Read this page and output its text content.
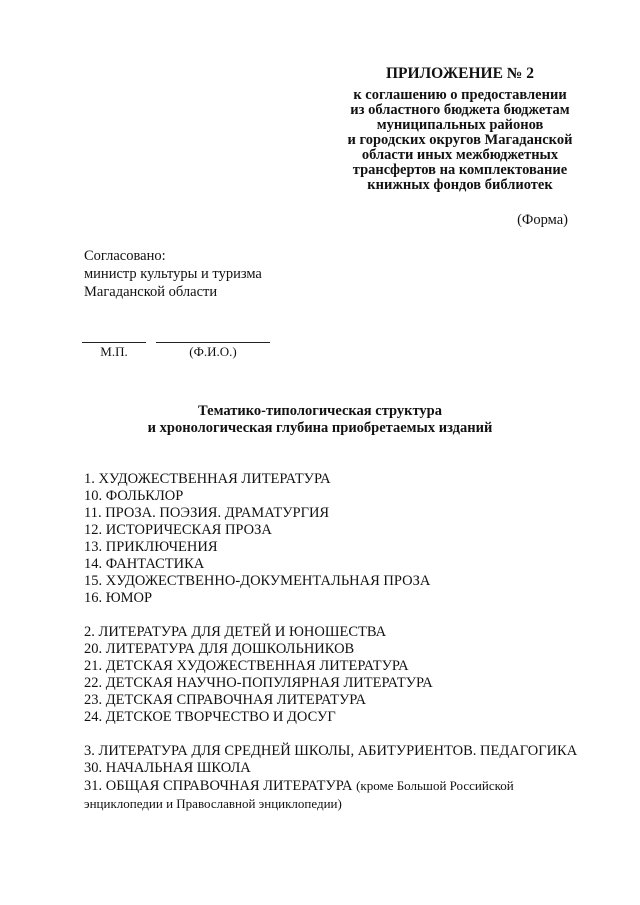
ПРИЛОЖЕНИЕ № 2
к соглашению о предоставлении
из областного бюджета бюджетам
муниципальных районов
и городских округов Магаданской
области иных межбюджетных
трансфертов на комплектование
книжных фондов библиотек
(Форма)
Согласовано:
министр культуры и туризма
Магаданской области
М.П.	(Ф.И.О.)
Тематико-типологическая структура
и хронологическая глубина приобретаемых изданий
1. ХУДОЖЕСТВЕННАЯ ЛИТЕРАТУРА
10. ФОЛЬКЛОР
11. ПРОЗА. ПОЭЗИЯ. ДРАМАТУРГИЯ
12. ИСТОРИЧЕСКАЯ ПРОЗА
13. ПРИКЛЮЧЕНИЯ
14. ФАНТАСТИКА
15. ХУДОЖЕСТВЕННО-ДОКУМЕНТАЛЬНАЯ ПРОЗА
16. ЮМОР
2. ЛИТЕРАТУРА ДЛЯ ДЕТЕЙ И ЮНОШЕСТВА
20. ЛИТЕРАТУРА ДЛЯ ДОШКОЛЬНИКОВ
21. ДЕТСКАЯ ХУДОЖЕСТВЕННАЯ ЛИТЕРАТУРА
22. ДЕТСКАЯ НАУЧНО-ПОПУЛЯРНАЯ ЛИТЕРАТУРА
23. ДЕТСКАЯ СПРАВОЧНАЯ ЛИТЕРАТУРА
24. ДЕТСКОЕ ТВОРЧЕСТВО И ДОСУГ
3. ЛИТЕРАТУРА ДЛЯ СРЕДНЕЙ ШКОЛЫ, АБИТУРИЕНТОВ. ПЕДАГОГИКА
30. НАЧАЛЬНАЯ ШКОЛА
31. ОБЩАЯ СПРАВОЧНАЯ ЛИТЕРАТУРА (кроме Большой Российской энциклопедии и Православной энциклопедии)
